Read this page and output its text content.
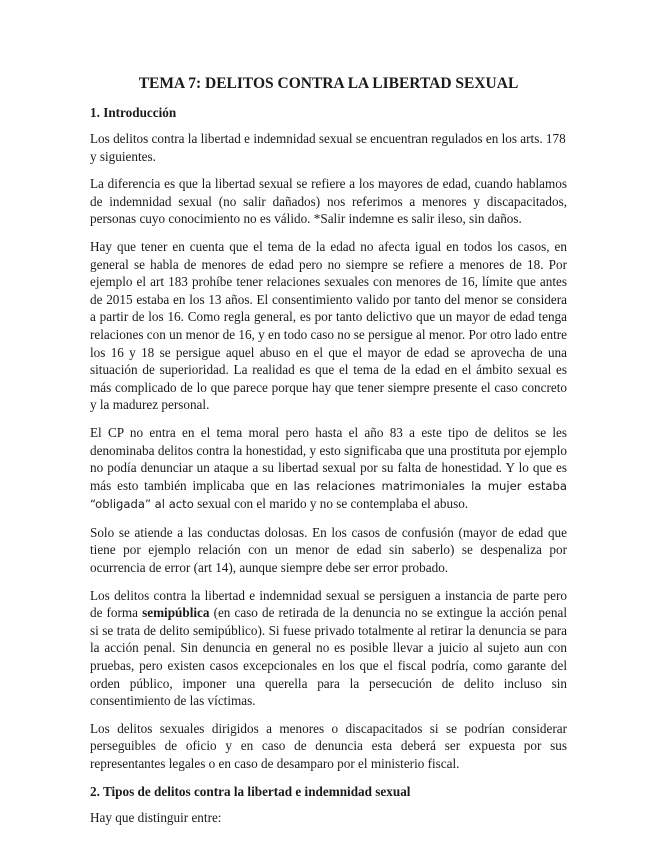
TEMA 7: DELITOS CONTRA LA LIBERTAD SEXUAL
1. Introducción

Los delitos contra la libertad e indemnidad sexual se encuentran regulados en los arts. 178 y siguientes.

La diferencia es que la libertad sexual se refiere a los mayores de edad, cuando hablamos de indemnidad sexual (no salir dañados) nos referimos a menores y discapacitados, personas cuyo conocimiento no es válido. *Salir indemne es salir ileso, sin daños.

Hay que tener en cuenta que el tema de la edad no afecta igual en todos los casos, en general se habla de menores de edad pero no siempre se refiere a menores de 18. Por ejemplo el art 183 prohíbe tener relaciones sexuales con menores de 16, límite que antes de 2015 estaba en los 13 años. El consentimiento valido por tanto del menor se considera a partir de los 16. Como regla general, es por tanto delictivo que un mayor de edad tenga relaciones con un menor de 16, y en todo caso no se persigue al menor. Por otro lado entre los 16 y 18 se persigue aquel abuso en el que el mayor de edad se aprovecha de una situación de superioridad. La realidad es que el tema de la edad en el ámbito sexual es más complicado de lo que parece porque hay que tener siempre presente el caso concreto y la madurez personal.

El CP no entra en el tema moral pero hasta el año 83 a este tipo de delitos se les denominaba delitos contra la honestidad, y esto significaba que una prostituta por ejemplo no podía denunciar un ataque a su libertad sexual por su falta de honestidad. Y lo que es más esto también implicaba que en las relaciones matrimoniales la mujer estaba “obligada” al acto sexual con el marido y no se contemplaba el abuso.

Solo se atiende a las conductas dolosas. En los casos de confusión (mayor de edad que tiene por ejemplo relación con un menor de edad sin saberlo) se despenaliza por ocurrencia de error (art 14), aunque siempre debe ser error probado.

Los delitos contra la libertad e indemnidad sexual se persiguen a instancia de parte pero de forma semipública (en caso de retirada de la denuncia no se extingue la acción penal si se trata de delito semipúblico). Si fuese privado totalmente al retirar la denuncia se para la acción penal. Sin denuncia en general no es posible llevar a juicio al sujeto aun con pruebas, pero existen casos excepcionales en los que el fiscal podría, como garante del orden público, imponer una querella para la persecución de delito incluso sin consentimiento de las víctimas.

Los delitos sexuales dirigidos a menores o discapacitados si se podrían considerar perseguibles de oficio y en caso de denuncia esta deberá ser expuesta por sus representantes legales o en caso de desamparo por el ministerio fiscal.

2. Tipos de delitos contra la libertad e indemnidad sexual

Hay que distinguir entre:
